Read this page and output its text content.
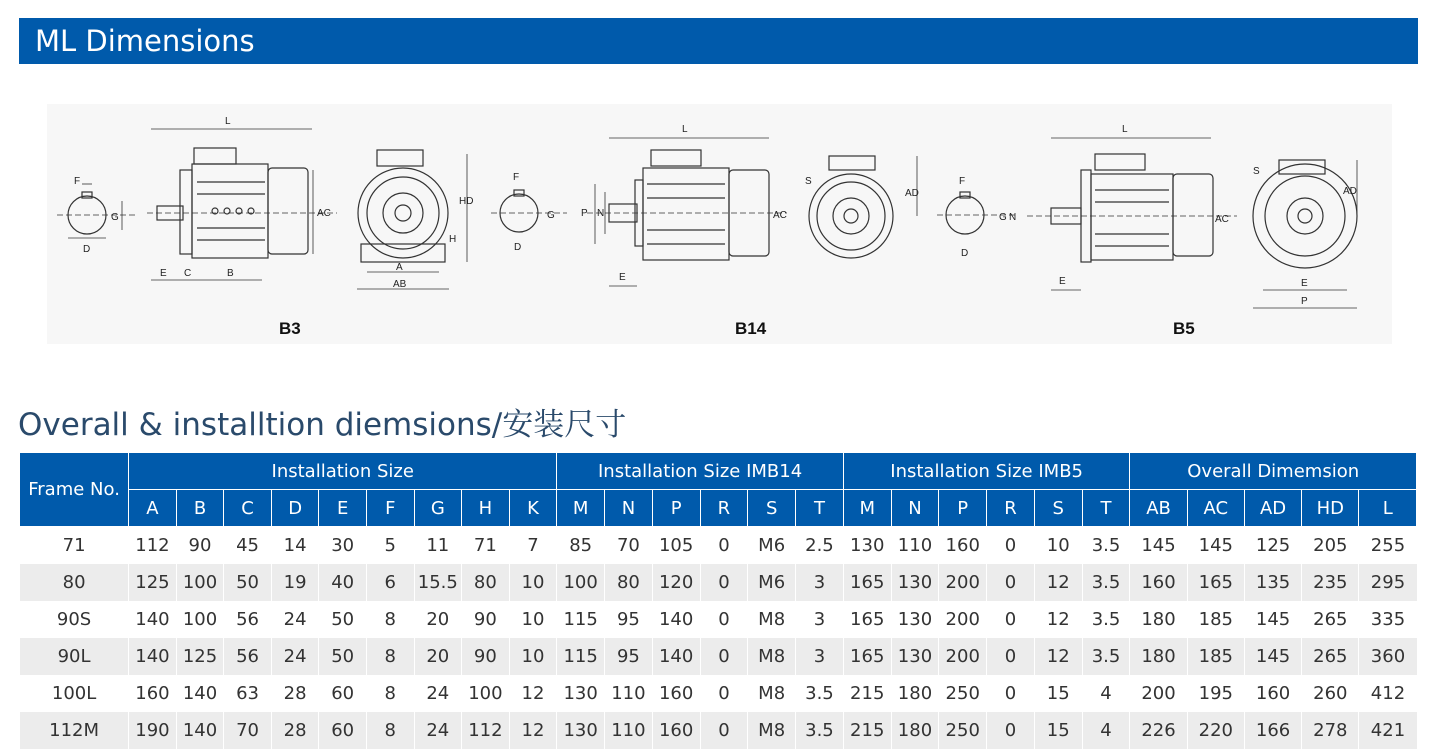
ML Dimensions
F
D
G
L
AC
E C	B
A
AB
HD
H
B3
F
D
G
L
P N	AC
E
AD
S
B14
F
D
G
L
N	AC
E
AD
S
E
P
B5
Overall & installtion diemsions/安装尺寸
Frame No.	Installation Size									Installation Size IMB14						Installation Size IMB5						Overall Dimemsion				
	A	B	C	D	E	F	G	H	K	M	N	P	R	S	T	M	N	P	R	S	T	AB	AC	AD	HD	L
71	112	90	45	14	30	5	11	71	7	85	70	105	0	M6	2.5	130	110	160	0	10	3.5	145	145	125	205	255
80	125	100	50	19	40	6	15.5	80	10	100	80	120	0	M6	3	165	130	200	0	12	3.5	160	165	135	235	295
90S	140	100	56	24	50	8	20	90	10	115	95	140	0	M8	3	165	130	200	0	12	3.5	180	185	145	265	335
90L	140	125	56	24	50	8	20	90	10	115	95	140	0	M8	3	165	130	200	0	12	3.5	180	185	145	265	360
100L	160	140	63	28	60	8	24	100	12	130	110	160	0	M8	3.5	215	180	250	0	15	4	200	195	160	260	412
112M	190	140	70	28	60	8	24	112	12	130	110	160	0	M8	3.5	215	180	250	0	15	4	226	220	166	278	421
